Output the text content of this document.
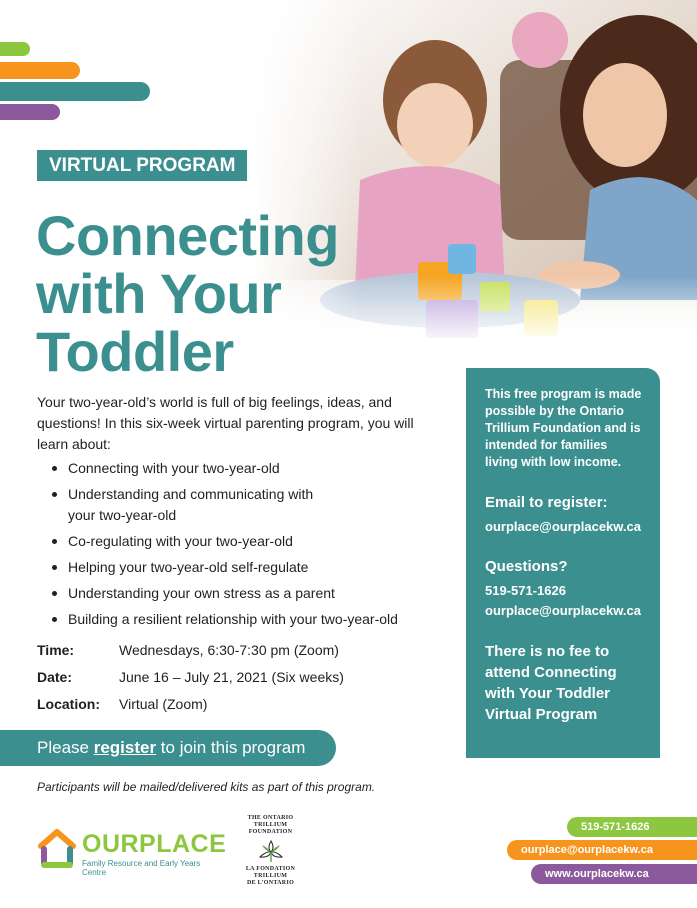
VIRTUAL PROGRAM
Connecting
with Your
Toddler

Your two-year-old’s world is full of big feelings, ideas, and questions! In this six-week virtual parenting program, you will learn about:

Connecting with your two-year-old
Understanding and communicating with your two-year-old
Co-regulating with your two-year-old
Helping your two-year-old self-regulate
Understanding your own stress as a parent
Building a resilient relationship with your two-year-old
Time:	Wednesdays, 6:30-7:30 pm (Zoom)
Date:	June 16 – July 21, 2021 (Six weeks)
Location:	Virtual (Zoom)
Please register to join this program

Participants will be mailed/delivered kits as part of this program.

This free program is made possible by the Ontario Trillium Foundation and is intended for families living with low income.

Email to register:
ourplace@ourplacekw.ca
Questions?
519-571-1626
ourplace@ourplacekw.ca

There is no fee to attend Connecting with Your Toddler Virtual Program

OURPLACE
Family Resource and Early Years Centre
THE ONTARIO
TRILLIUM
FOUNDATION
LA FONDATION
TRILLIUM
DE L’ONTARIO
519-571-1626
ourplace@ourplacekw.ca
www.ourplacekw.ca
